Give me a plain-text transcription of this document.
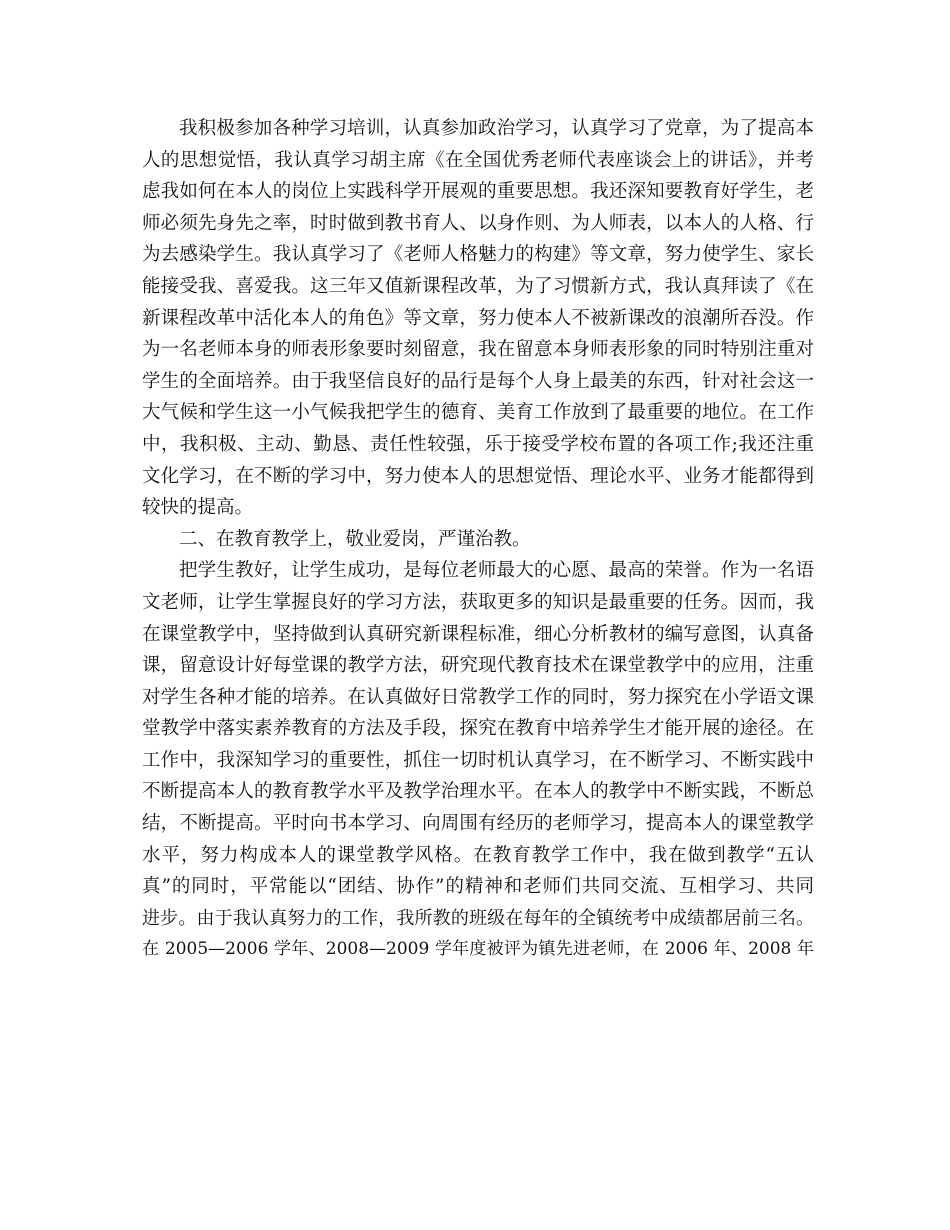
我积极参加各种学习培训，认真参加政治学习，认真学习了党章，为了提高本
人的思想觉悟，我认真学习胡主席《在全国优秀老师代表座谈会上的讲话》，并考
虑我如何在本人的岗位上实践科学开展观的重要思想。我还深知要教育好学生，老
师必须先身先之率，时时做到教书育人、以身作则、为人师表，以本人的人格、行
为去感染学生。我认真学习了《老师人格魅力的构建》等文章，努力使学生、家长
能接受我、喜爱我。这三年又值新课程改革，为了习惯新方式，我认真拜读了《在
新课程改革中活化本人的角色》等文章，努力使本人不被新课改的浪潮所吞没。作
为一名老师本身的师表形象要时刻留意，我在留意本身师表形象的同时特别注重对
学生的全面培养。由于我坚信良好的品行是每个人身上最美的东西，针对社会这一
大气候和学生这一小气候我把学生的德育、美育工作放到了最重要的地位。在工作
中，我积极、主动、勤恳、责任性较强，乐于接受学校布置的各项工作;我还注重
文化学习，在不断的学习中，努力使本人的思想觉悟、理论水平、业务才能都得到
较快的提高。
二、在教育教学上，敬业爱岗，严谨治教。
把学生教好，让学生成功，是每位老师最大的心愿、最高的荣誉。作为一名语
文老师，让学生掌握良好的学习方法，获取更多的知识是最重要的任务。因而，我
在课堂教学中，坚持做到认真研究新课程标准，细心分析教材的编写意图，认真备
课，留意设计好每堂课的教学方法，研究现代教育技术在课堂教学中的应用，注重
对学生各种才能的培养。在认真做好日常教学工作的同时，努力探究在小学语文课
堂教学中落实素养教育的方法及手段，探究在教育中培养学生才能开展的途径。在
工作中，我深知学习的重要性，抓住一切时机认真学习，在不断学习、不断实践中
不断提高本人的教育教学水平及教学治理水平。在本人的教学中不断实践，不断总
结，不断提高。平时向书本学习、向周围有经历的老师学习，提高本人的课堂教学
水平，努力构成本人的课堂教学风格。在教育教学工作中，我在做到教学“五认
真”的同时，平常能以“团结、协作”的精神和老师们共同交流、互相学习、共同
进步。由于我认真努力的工作，我所教的班级在每年的全镇统考中成绩都居前三名。
在 2005—2006 学年、2008—2009 学年度被评为镇先进老师，在 2006 年、2008 年
